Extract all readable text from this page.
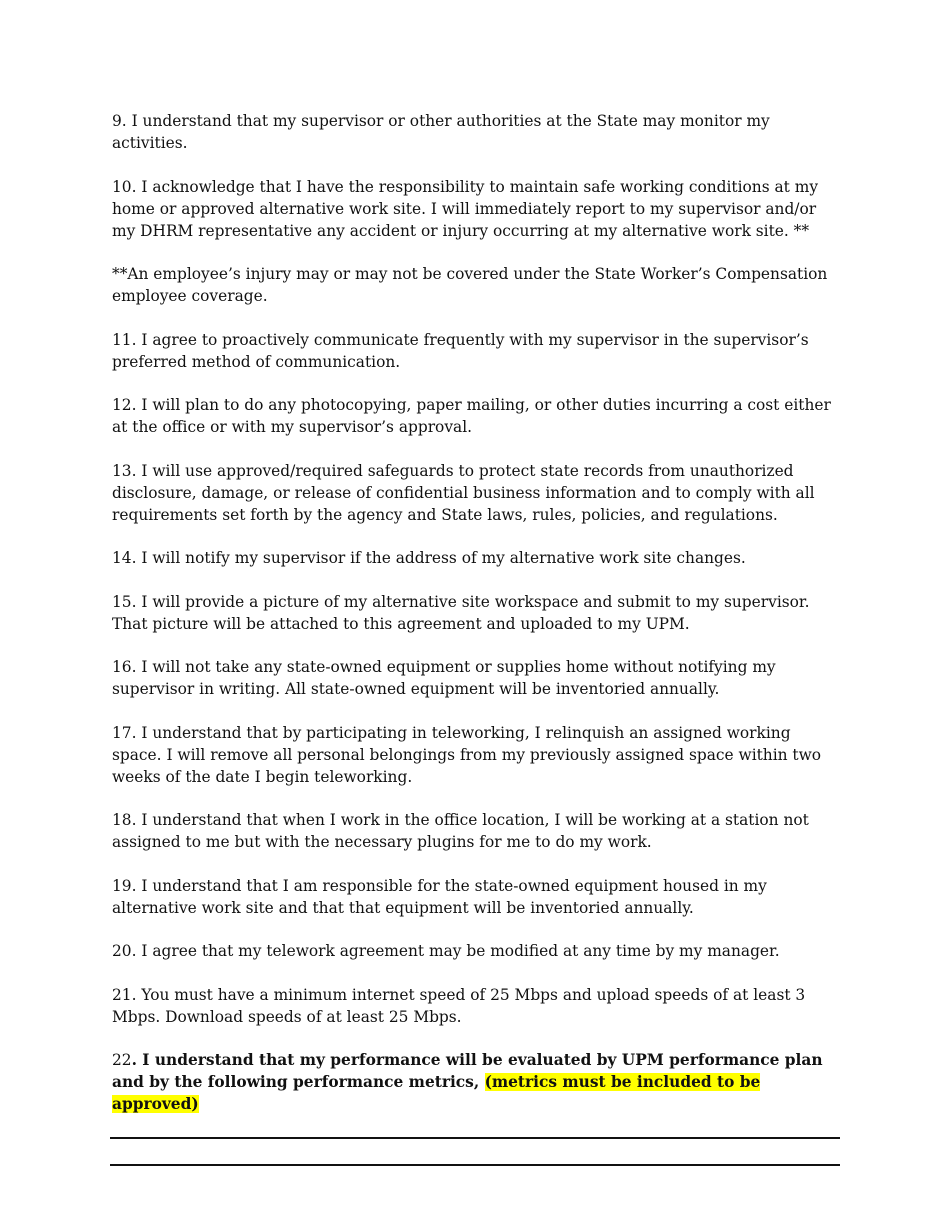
9. I understand that my supervisor or other authorities at the State may monitor my activities.

10. I acknowledge that I have the responsibility to maintain safe working conditions at my home or approved alternative work site. I will immediately report to my supervisor and/or my DHRM representative any accident or injury occurring at my alternative work site. **

**An employee’s injury may or may not be covered under the State Worker’s Compensation employee coverage.

11. I agree to proactively communicate frequently with my supervisor in the supervisor’s preferred method of communication.

12. I will plan to do any photocopying, paper mailing, or other duties incurring a cost either at the office or with my supervisor’s approval.

13. I will use approved/required safeguards to protect state records from unauthorized disclosure, damage, or release of confidential business information and to comply with all requirements set forth by the agency and State laws, rules, policies, and regulations.

14. I will notify my supervisor if the address of my alternative work site changes.

15. I will provide a picture of my alternative site workspace and submit to my supervisor. That picture will be attached to this agreement and uploaded to my UPM.

16. I will not take any state-owned equipment or supplies home without notifying my supervisor in writing. All state-owned equipment will be inventoried annually.

17. I understand that by participating in teleworking, I relinquish an assigned working space. I will remove all personal belongings from my previously assigned space within two weeks of the date I begin teleworking.

18. I understand that when I work in the office location, I will be working at a station not assigned to me but with the necessary plugins for me to do my work.

19. I understand that I am responsible for the state-owned equipment housed in my alternative work site and that that equipment will be inventoried annually.

20. I agree that my telework agreement may be modified at any time by my manager.

21. You must have a minimum internet speed of 25 Mbps and upload speeds of at least 3 Mbps. Download speeds of at least 25 Mbps.

22. I understand that my performance will be evaluated by UPM performance plan and by the following performance metrics, (metrics must be included to be approved)
